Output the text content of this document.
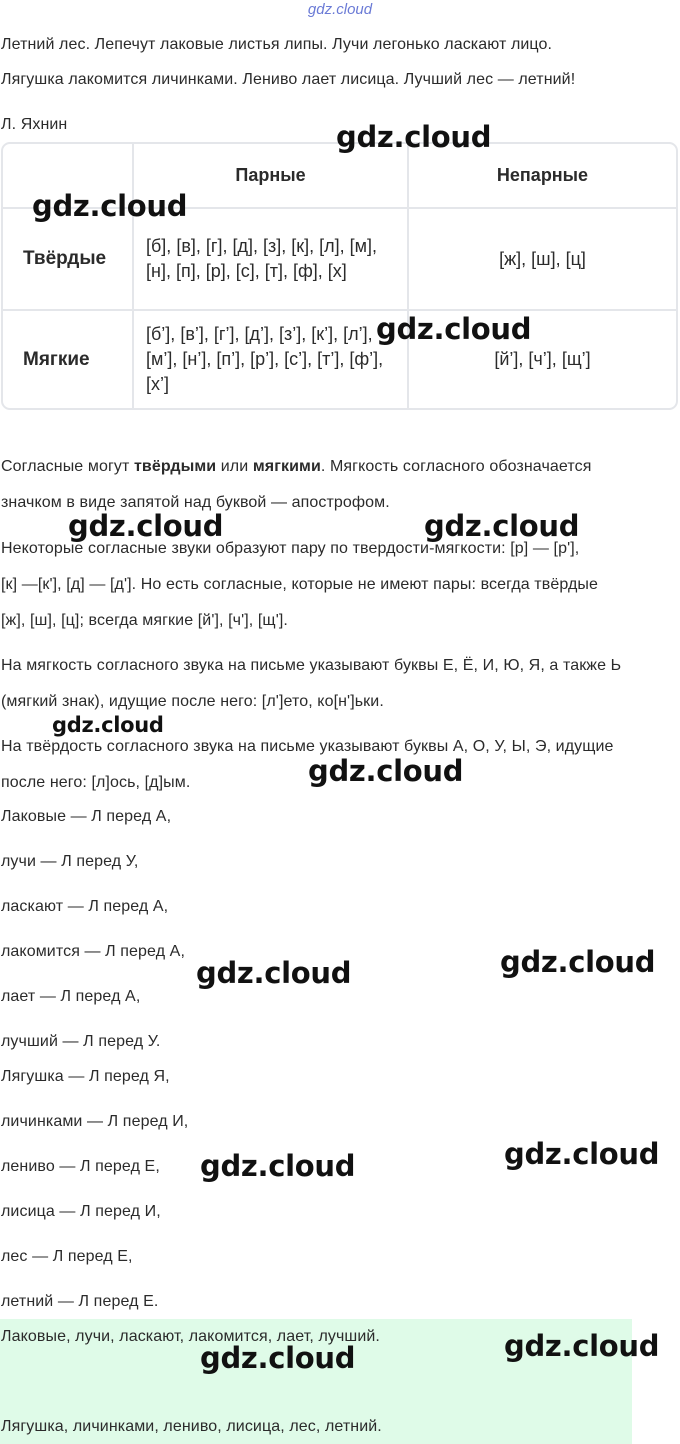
gdz.cloud
Летний лес. Лепечут лаковые листья липы. Лучи легонько ласкают лицо.
Лягушка лакомится личинками. Лениво лает лисица. Лучший лес — летний!
Л. Яхнин
	Парные	Непарные
Твёрдые	[б], [в], [г], [д], [з], [к], [л], [м], [н], [п], [р], [с], [т], [ф], [х]	[ж], [ш], [ц]
Мягкие	[б’], [в’], [г’], [д’], [з’], [к’], [л’], [м’], [н’], [п’], [р’], [с’], [т’], [ф’], [х’]	[й’], [ч’], [щ’]
Согласные могут твёрдыми или мягкими. Мягкость согласного обозначается
значком в виде запятой над буквой — апострофом.
Некоторые согласные звуки образуют пару по твердости-мягкости: [р] — [р'],
[к] —[к'], [д] — [д']. Но есть согласные, которые не имеют пары: всегда твёрдые
[ж], [ш], [ц]; всегда мягкие [й'], [ч'], [щ'].
На мягкость согласного звука на письме указывают буквы Е, Ё, И, Ю, Я, а также Ь
(мягкий знак), идущие после него: [л']ето, ко[н']ьки.
На твёрдость согласного звука на письме указывают буквы А, О, У, Ы, Э, идущие
после него: [л]ось, [д]ым.
Лаковые — Л перед А,
лучи — Л перед У,
ласкают — Л перед А,
лакомится — Л перед А,
лает — Л перед А,
лучший — Л перед У.
Лягушка — Л перед Я,
личинками — Л перед И,
лениво — Л перед Е,
лисица — Л перед И,
лес — Л перед Е,
летний — Л перед Е.
Лаковые, лучи, ласкают, лакомится, лает, лучший.
Лягушка, личинками, лениво, лисица, лес, летний.
gdz.cloud
gdz.cloud
gdz.cloud
gdz.cloud	gdz.cloud
gdz.cloud
gdz.cloud
gdz.cloud	gdz.cloud
gdz.cloud	gdz.cloud
gdz.cloud	gdz.cloud
